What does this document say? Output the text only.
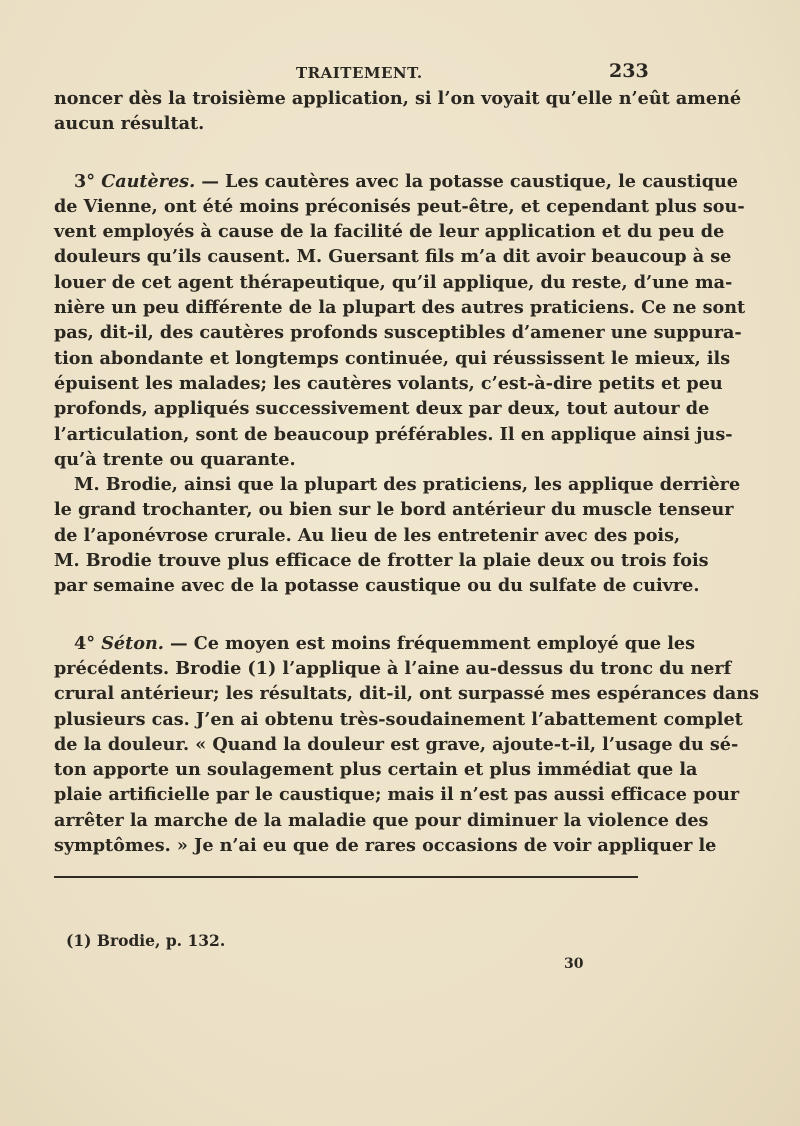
TRAITEMENT.	233
noncer dès la troisième application, si l’on voyait qu’elle n’eût amené
aucun résultat.
3° Cautères. — Les cautères avec la potasse caustique, le caustique
de Vienne, ont été moins préconisés peut-être, et cependant plus sou-
vent employés à cause de la facilité de leur application et du peu de
douleurs qu’ils causent. M. Guersant fils m’a dit avoir beaucoup à se
louer de cet agent thérapeutique, qu’il applique, du reste, d’une ma-
nière un peu différente de la plupart des autres praticiens. Ce ne sont
pas, dit-il, des cautères profonds susceptibles d’amener une suppura-
tion abondante et longtemps continuée, qui réussissent le mieux, ils
épuisent les malades; les cautères volants, c’est-à-dire petits et peu
profonds, appliqués successivement deux par deux, tout autour de
l’articulation, sont de beaucoup préférables. Il en applique ainsi jus-
qu’à trente ou quarante.
M. Brodie, ainsi que la plupart des praticiens, les applique derrière
le grand trochanter, ou bien sur le bord antérieur du muscle tenseur
de l’aponévrose crurale. Au lieu de les entretenir avec des pois,
M. Brodie trouve plus efficace de frotter la plaie deux ou trois fois
par semaine avec de la potasse caustique ou du sulfate de cuivre.
4° Séton. — Ce moyen est moins fréquemment employé que les
précédents. Brodie (1) l’applique à l’aine au-dessus du tronc du nerf
crural antérieur; les résultats, dit-il, ont surpassé mes espérances dans
plusieurs cas. J’en ai obtenu très-soudainement l’abattement complet
de la douleur. « Quand la douleur est grave, ajoute-t-il, l’usage du sé-
ton apporte un soulagement plus certain et plus immédiat que la
plaie artificielle par le caustique; mais il n’est pas aussi efficace pour
arrêter la marche de la maladie que pour diminuer la violence des
symptômes. » Je n’ai eu que de rares occasions de voir appliquer le
(1) Brodie, p. 132.
30
